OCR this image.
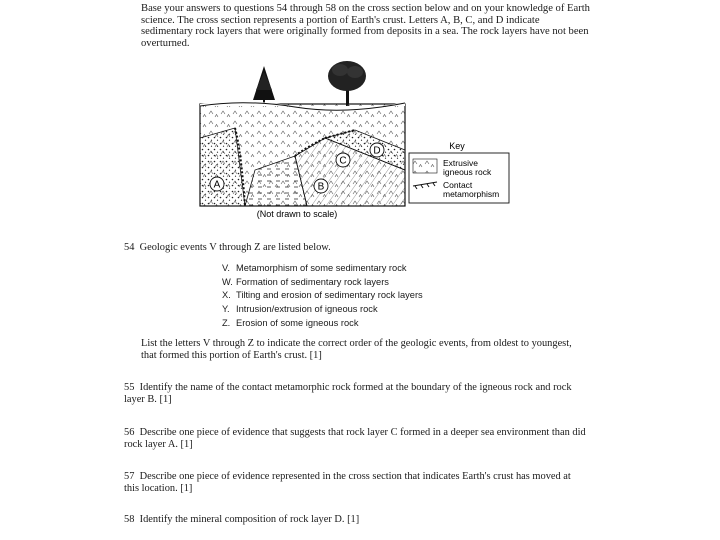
Base your answers to questions 54 through 58 on the cross section below and on your knowledge of Earth science. The cross section represents a portion of Earth's crust. Letters A, B, C, and D indicate sedimentary rock layers that were originally formed from deposits in a sea. The rock layers have not been overturned.
A	B
C
D
(Not drawn to scale)
Key
Extrusive
igneous rock
Contact
metamorphism
54 Geologic events V through Z are listed below.
V. Metamorphism of some sedimentary rock
W. Formation of sedimentary rock layers
X. Tilting and erosion of sedimentary rock layers
Y. Intrusion/extrusion of igneous rock
Z. Erosion of some igneous rock
List the letters V through Z to indicate the correct order of the geologic events, from oldest to youngest, that formed this portion of Earth's crust. [1]
55 Identify the name of the contact metamorphic rock formed at the boundary of the igneous rock and rock layer B. [1]
56 Describe one piece of evidence that suggests that rock layer C formed in a deeper sea environment than did rock layer A. [1]
57 Describe one piece of evidence represented in the cross section that indicates Earth's crust has moved at this location. [1]
58 Identify the mineral composition of rock layer D. [1]
